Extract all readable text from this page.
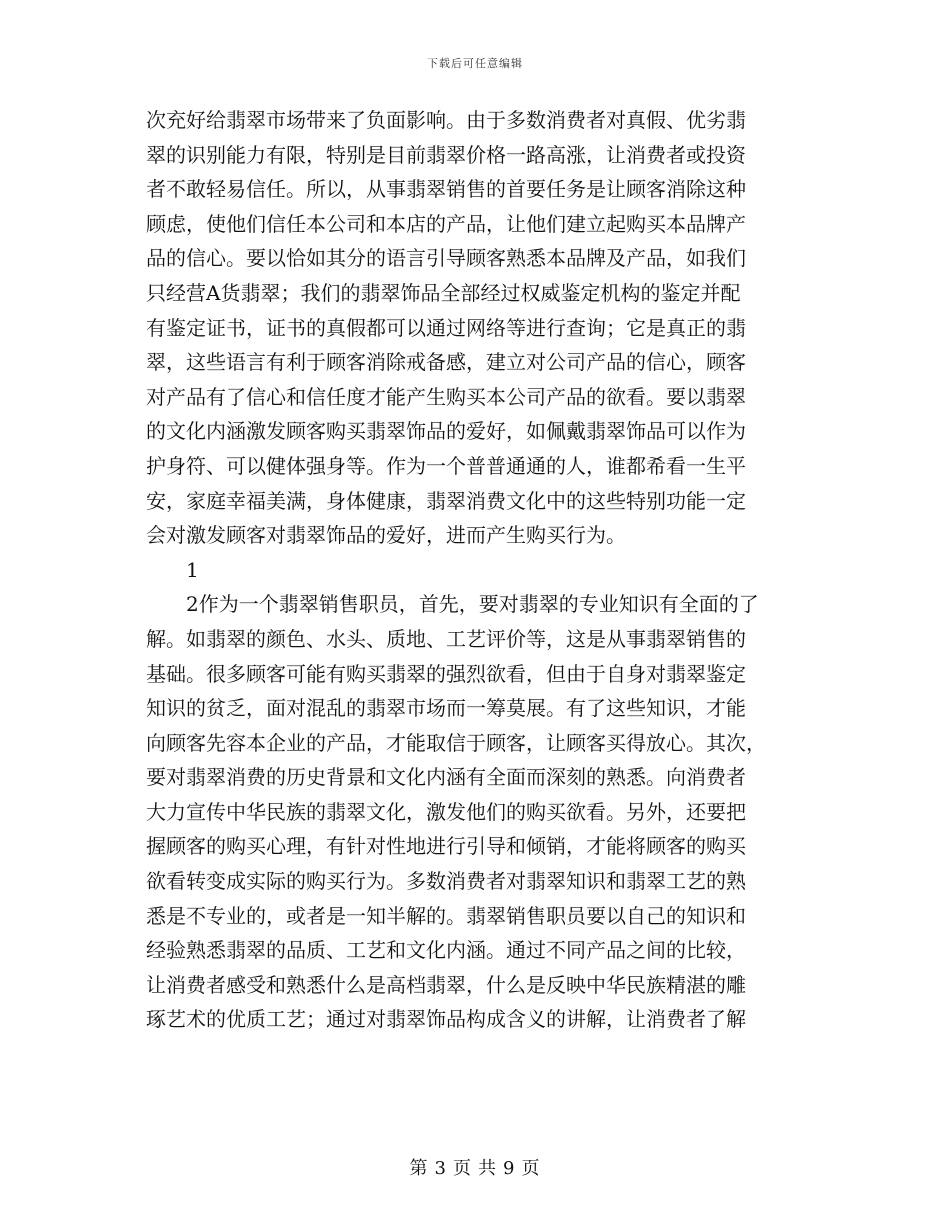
下载后可任意编辑
次充好给翡翠市场带来了负面影响。由于多数消费者对真假、优劣翡
翠的识别能力有限，特别是目前翡翠价格一路高涨，让消费者或投资
者不敢轻易信任。所以，从事翡翠销售的首要任务是让顾客消除这种
顾虑，使他们信任本公司和本店的产品，让他们建立起购买本品牌产
品的信心。要以恰如其分的语言引导顾客熟悉本品牌及产品，如我们
只经营A货翡翠；我们的翡翠饰品全部经过权威鉴定机构的鉴定并配
有鉴定证书，证书的真假都可以通过网络等进行查询；它是真正的翡
翠，这些语言有利于顾客消除戒备感，建立对公司产品的信心，顾客
对产品有了信心和信任度才能产生购买本公司产品的欲看。要以翡翠
的文化内涵激发顾客购买翡翠饰品的爱好，如佩戴翡翠饰品可以作为
护身符、可以健体强身等。作为一个普普通通的人，谁都希看一生平
安，家庭幸福美满，身体健康，翡翠消费文化中的这些特别功能一定
会对激发顾客对翡翠饰品的爱好，进而产生购买行为。
1
2作为一个翡翠销售职员，首先，要对翡翠的专业知识有全面的了
解。如翡翠的颜色、水头、质地、工艺评价等，这是从事翡翠销售的
基础。很多顾客可能有购买翡翠的强烈欲看，但由于自身对翡翠鉴定
知识的贫乏，面对混乱的翡翠市场而一筹莫展。有了这些知识，才能
向顾客先容本企业的产品，才能取信于顾客，让顾客买得放心。其次，
要对翡翠消费的历史背景和文化内涵有全面而深刻的熟悉。向消费者
大力宣传中华民族的翡翠文化，激发他们的购买欲看。另外，还要把
握顾客的购买心理，有针对性地进行引导和倾销，才能将顾客的购买
欲看转变成实际的购买行为。多数消费者对翡翠知识和翡翠工艺的熟
悉是不专业的，或者是一知半解的。翡翠销售职员要以自己的知识和
经验熟悉翡翠的品质、工艺和文化内涵。通过不同产品之间的比较，
让消费者感受和熟悉什么是高档翡翠，什么是反映中华民族精湛的雕
琢艺术的优质工艺；通过对翡翠饰品构成含义的讲解，让消费者了解
第 3 页 共 9 页
